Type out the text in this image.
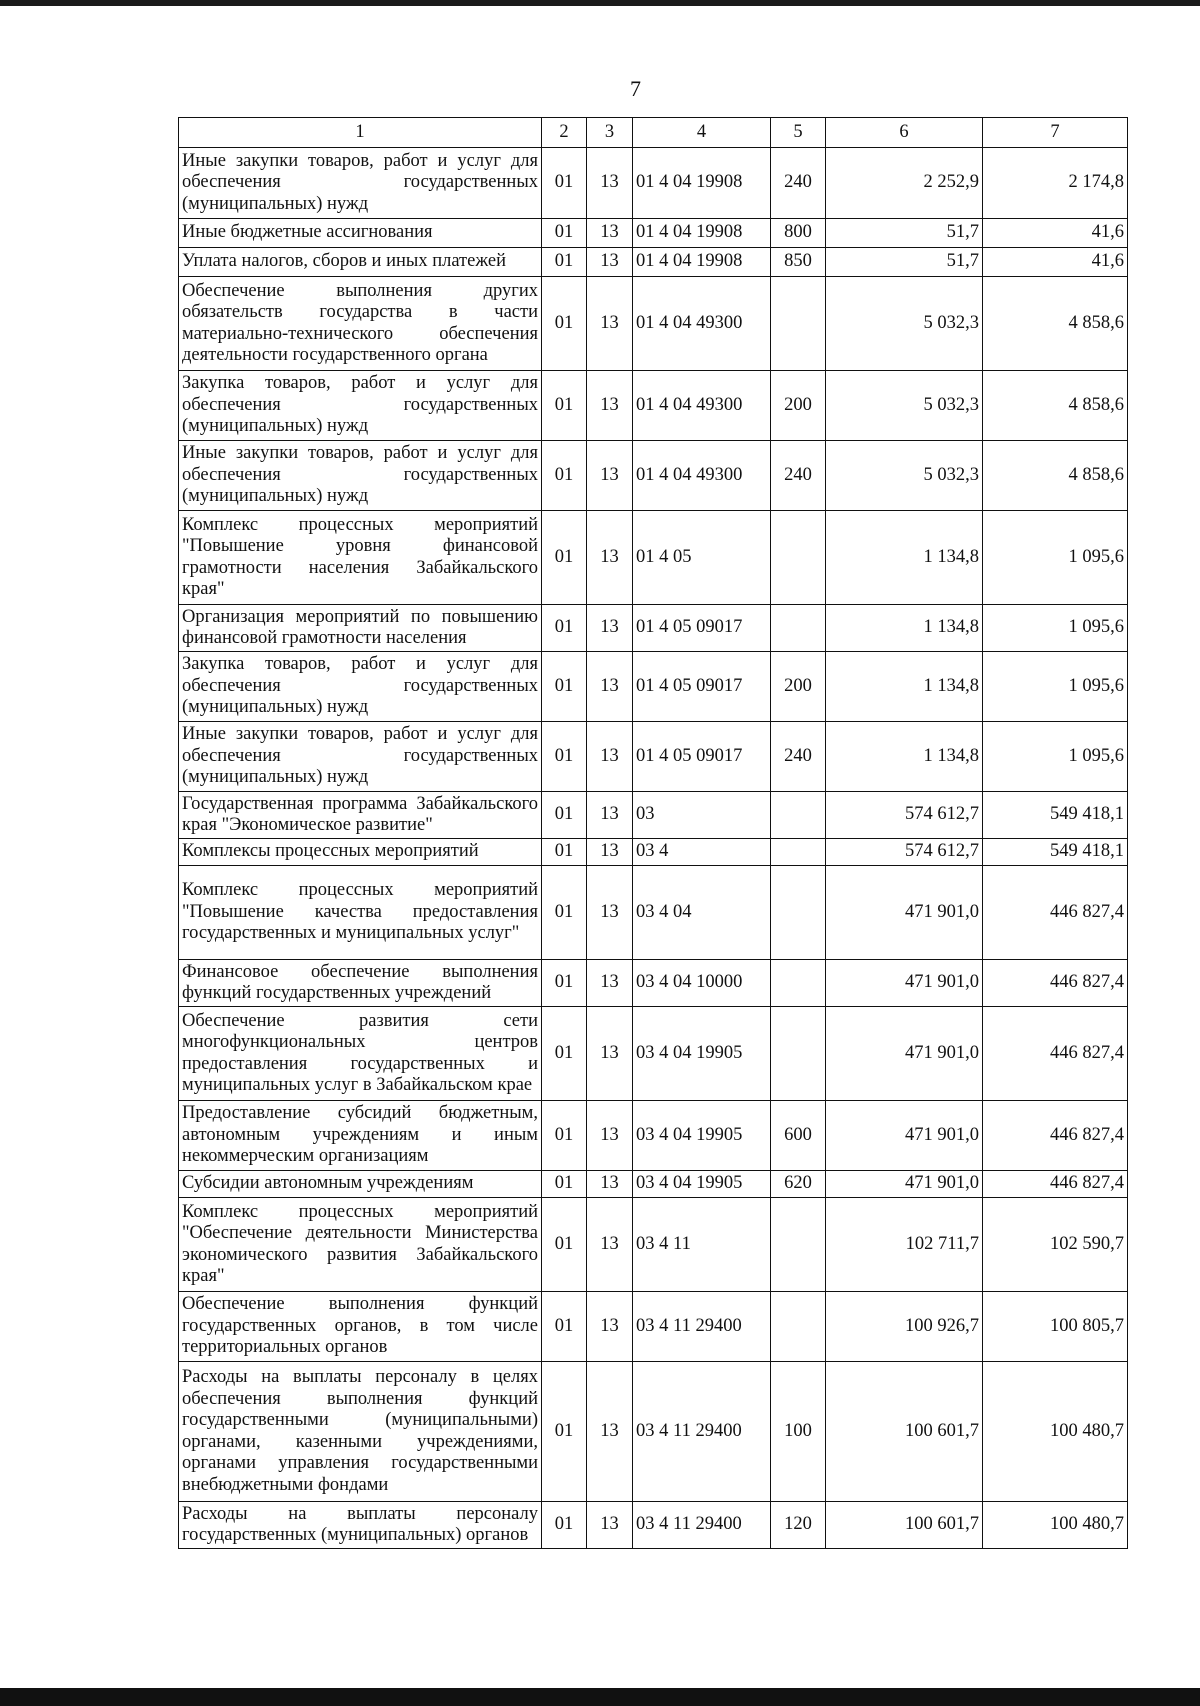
7
1	2	3	4	5	6	7
Иные закупки товаров, работ и услуг для обеспечения государственных (муниципальных) нужд	01	13	01 4 04 19908	240	2 252,9	2 174,8
Иные бюджетные ассигнования	01	13	01 4 04 19908	800	51,7	41,6
Уплата налогов, сборов и иных платежей	01	13	01 4 04 19908	850	51,7	41,6
Обеспечение выполнения других обязательств государства в части материально-технического обеспечения деятельности государственного органа	01	13	01 4 04 49300		5 032,3	4 858,6
Закупка товаров, работ и услуг для обеспечения государственных (муниципальных) нужд	01	13	01 4 04 49300	200	5 032,3	4 858,6
Иные закупки товаров, работ и услуг для обеспечения государственных (муниципальных) нужд	01	13	01 4 04 49300	240	5 032,3	4 858,6
Комплекс процессных мероприятий "Повышение уровня финансовой грамотности населения Забайкальского края"	01	13	01 4 05		1 134,8	1 095,6
Организация мероприятий по повышению финансовой грамотности населения	01	13	01 4 05 09017		1 134,8	1 095,6
Закупка товаров, работ и услуг для обеспечения государственных (муниципальных) нужд	01	13	01 4 05 09017	200	1 134,8	1 095,6
Иные закупки товаров, работ и услуг для обеспечения государственных (муниципальных) нужд	01	13	01 4 05 09017	240	1 134,8	1 095,6
Государственная программа Забайкальского края "Экономическое развитие"	01	13	03		574 612,7	549 418,1
Комплексы процессных мероприятий	01	13	03 4		574 612,7	549 418,1
Комплекс процессных мероприятий "Повышение качества предоставления государственных и муниципальных услуг"	01	13	03 4 04		471 901,0	446 827,4
Финансовое обеспечение выполнения функций государственных учреждений	01	13	03 4 04 10000		471 901,0	446 827,4
Обеспечение развития сети многофункциональных центров предоставления государственных и муниципальных услуг в Забайкальском крае	01	13	03 4 04 19905		471 901,0	446 827,4
Предоставление субсидий бюджетным, автономным учреждениям и иным некоммерческим организациям	01	13	03 4 04 19905	600	471 901,0	446 827,4
Субсидии автономным учреждениям	01	13	03 4 04 19905	620	471 901,0	446 827,4
Комплекс процессных мероприятий "Обеспечение деятельности Министерства экономического развития Забайкальского края"	01	13	03 4 11		102 711,7	102 590,7
Обеспечение выполнения функций государственных органов, в том числе территориальных органов	01	13	03 4 11 29400		100 926,7	100 805,7
Расходы на выплаты персоналу в целях обеспечения выполнения функций государственными (муниципальными) органами, казенными учреждениями, органами управления государственными внебюджетными фондами	01	13	03 4 11 29400	100	100 601,7	100 480,7
Расходы на выплаты персоналу государственных (муниципальных) органов	01	13	03 4 11 29400	120	100 601,7	100 480,7
